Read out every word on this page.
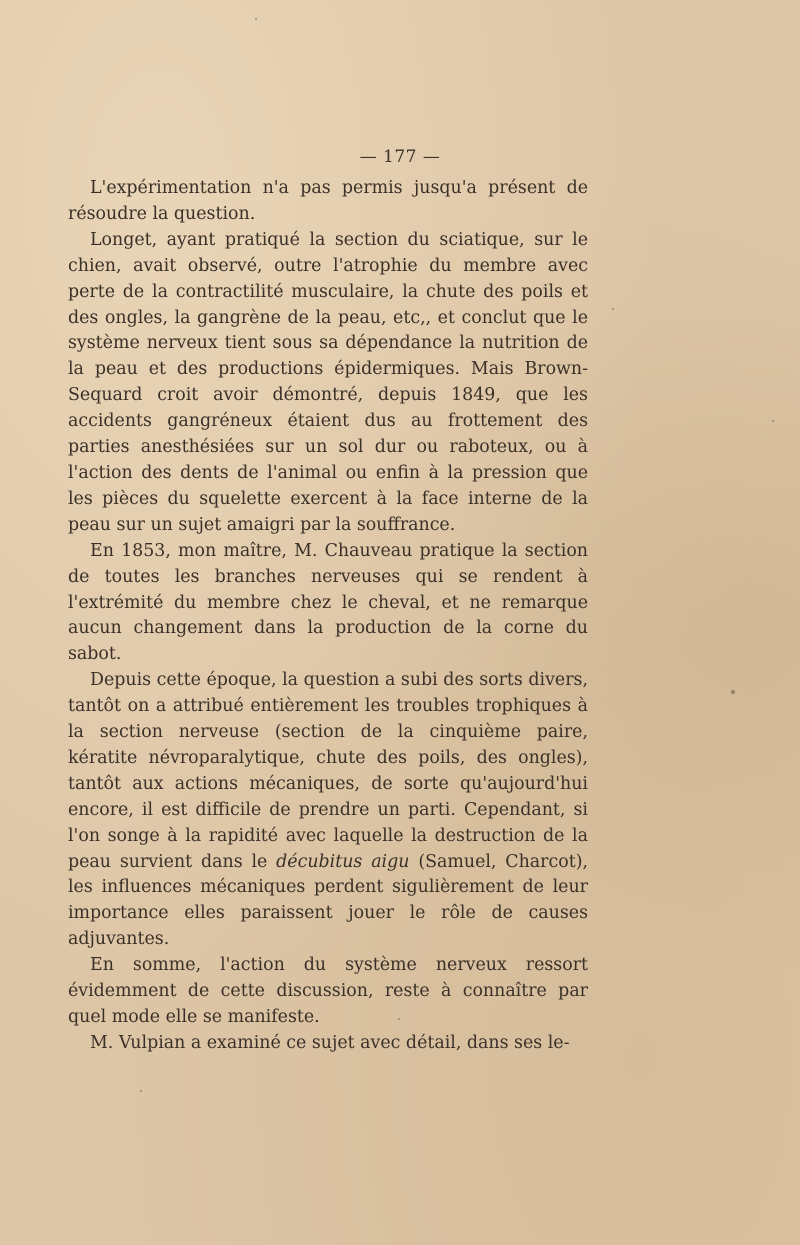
— 177 —

L'expérimentation n'a pas permis jusqu'a présent de résoudre la question.

Longet, ayant pratiqué la section du sciatique, sur le chien, avait observé, outre l'atrophie du membre avec perte de la contractilité musculaire, la chute des poils et des ongles, la gangrène de la peau, etc,, et conclut que le système nerveux tient sous sa dépendance la nutrition de la peau et des productions épidermiques. Mais Brown-Sequard croit avoir démontré, depuis 1849, que les accidents gangréneux étaient dus au frottement des parties anesthésiées sur un sol dur ou raboteux, ou à l'action des dents de l'animal ou enfin à la pression que les pièces du squelette exercent à la face interne de la peau sur un sujet amaigri par la souffrance.

En 1853, mon maître, M. Chauveau pratique la section de toutes les branches nerveuses qui se rendent à l'extrémité du membre chez le cheval, et ne remarque aucun changement dans la production de la corne du sabot.

Depuis cette époque, la question a subi des sorts divers, tantôt on a attribué entièrement les troubles trophiques à la section nerveuse (section de la cinquième paire, kératite névroparalytique, chute des poils, des ongles), tantôt aux actions mécaniques, de sorte qu'aujourd'hui encore, il est difficile de prendre un parti. Cependant, si l'on songe à la rapidité avec laquelle la destruction de la peau survient dans le décubitus aigu (Samuel, Charcot), les influences mécaniques perdent sigulièrement de leur importance elles paraissent jouer le rôle de causes adjuvantes.

En somme, l'action du système nerveux ressort évidemment de cette discussion, reste à connaître par quel mode elle se manifeste.

M. Vulpian a examiné ce sujet avec détail, dans ses le-
